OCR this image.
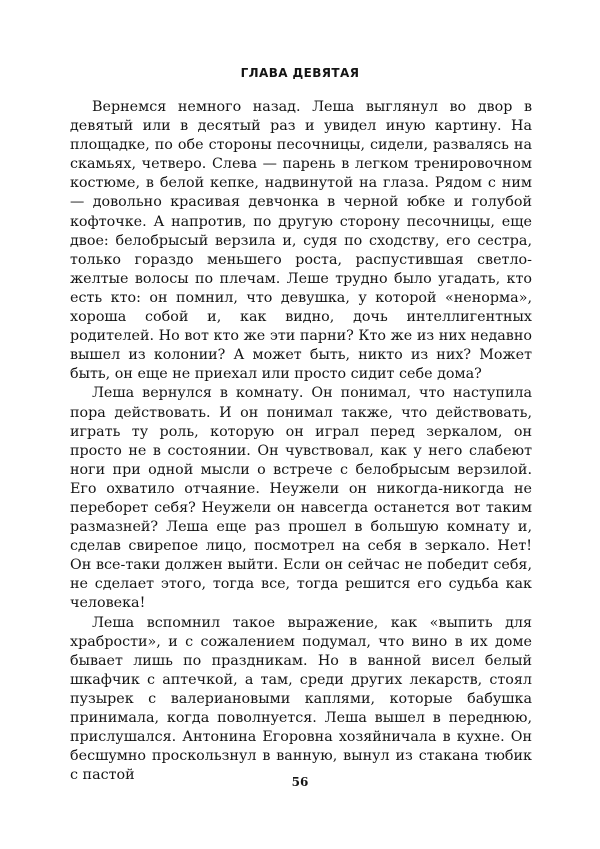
ГЛАВА ДЕВЯТАЯ

Вернемся немного назад. Леша выглянул во двор в девятый или в десятый раз и увидел иную картину. На площадке, по обе стороны песочницы, сидели, развалясь на скамьях, четверо. Слева — парень в легком тренировочном костюме, в белой кепке, надвинутой на глаза. Рядом с ним — довольно красивая девчонка в черной юбке и голубой кофточке. А напротив, по другую сторону песочницы, еще двое: белобрысый верзила и, судя по сходству, его сестра, только гораздо меньшего роста, распустившая светло-желтые волосы по плечам. Леше трудно было угадать, кто есть кто: он помнил, что девушка, у которой «ненорма», хороша собой и, как видно, дочь интеллигентных родителей. Но вот кто же эти парни? Кто же из них недавно вышел из колонии? А может быть, никто из них? Может быть, он еще не приехал или просто сидит себе дома?

Леша вернулся в комнату. Он понимал, что наступила пора действовать. И он понимал также, что действовать, играть ту роль, которую он играл перед зеркалом, он просто не в состоянии. Он чувствовал, как у него слабеют ноги при одной мысли о встрече с белобрысым верзилой. Его охватило отчаяние. Неужели он никогда-никогда не переборет себя? Неужели он навсегда останется вот таким размазней? Леша еще раз прошел в большую комнату и, сделав свирепое лицо, посмотрел на себя в зеркало. Нет! Он все-таки должен выйти. Если он сейчас не победит себя, не сделает этого, тогда все, тогда решится его судьба как человека!

Леша вспомнил такое выражение, как «выпить для храбрости», и с сожалением подумал, что вино в их доме бывает лишь по праздникам. Но в ванной висел белый шкафчик с аптечкой, а там, среди других лекарств, стоял пузырек с валериановыми каплями, которые бабушка принимала, когда поволнуется. Леша вышел в переднюю, прислушался. Антонина Егоровна хозяйничала в кухне. Он бесшумно проскользнул в ванную, вынул из стакана тюбик с пастой	56
